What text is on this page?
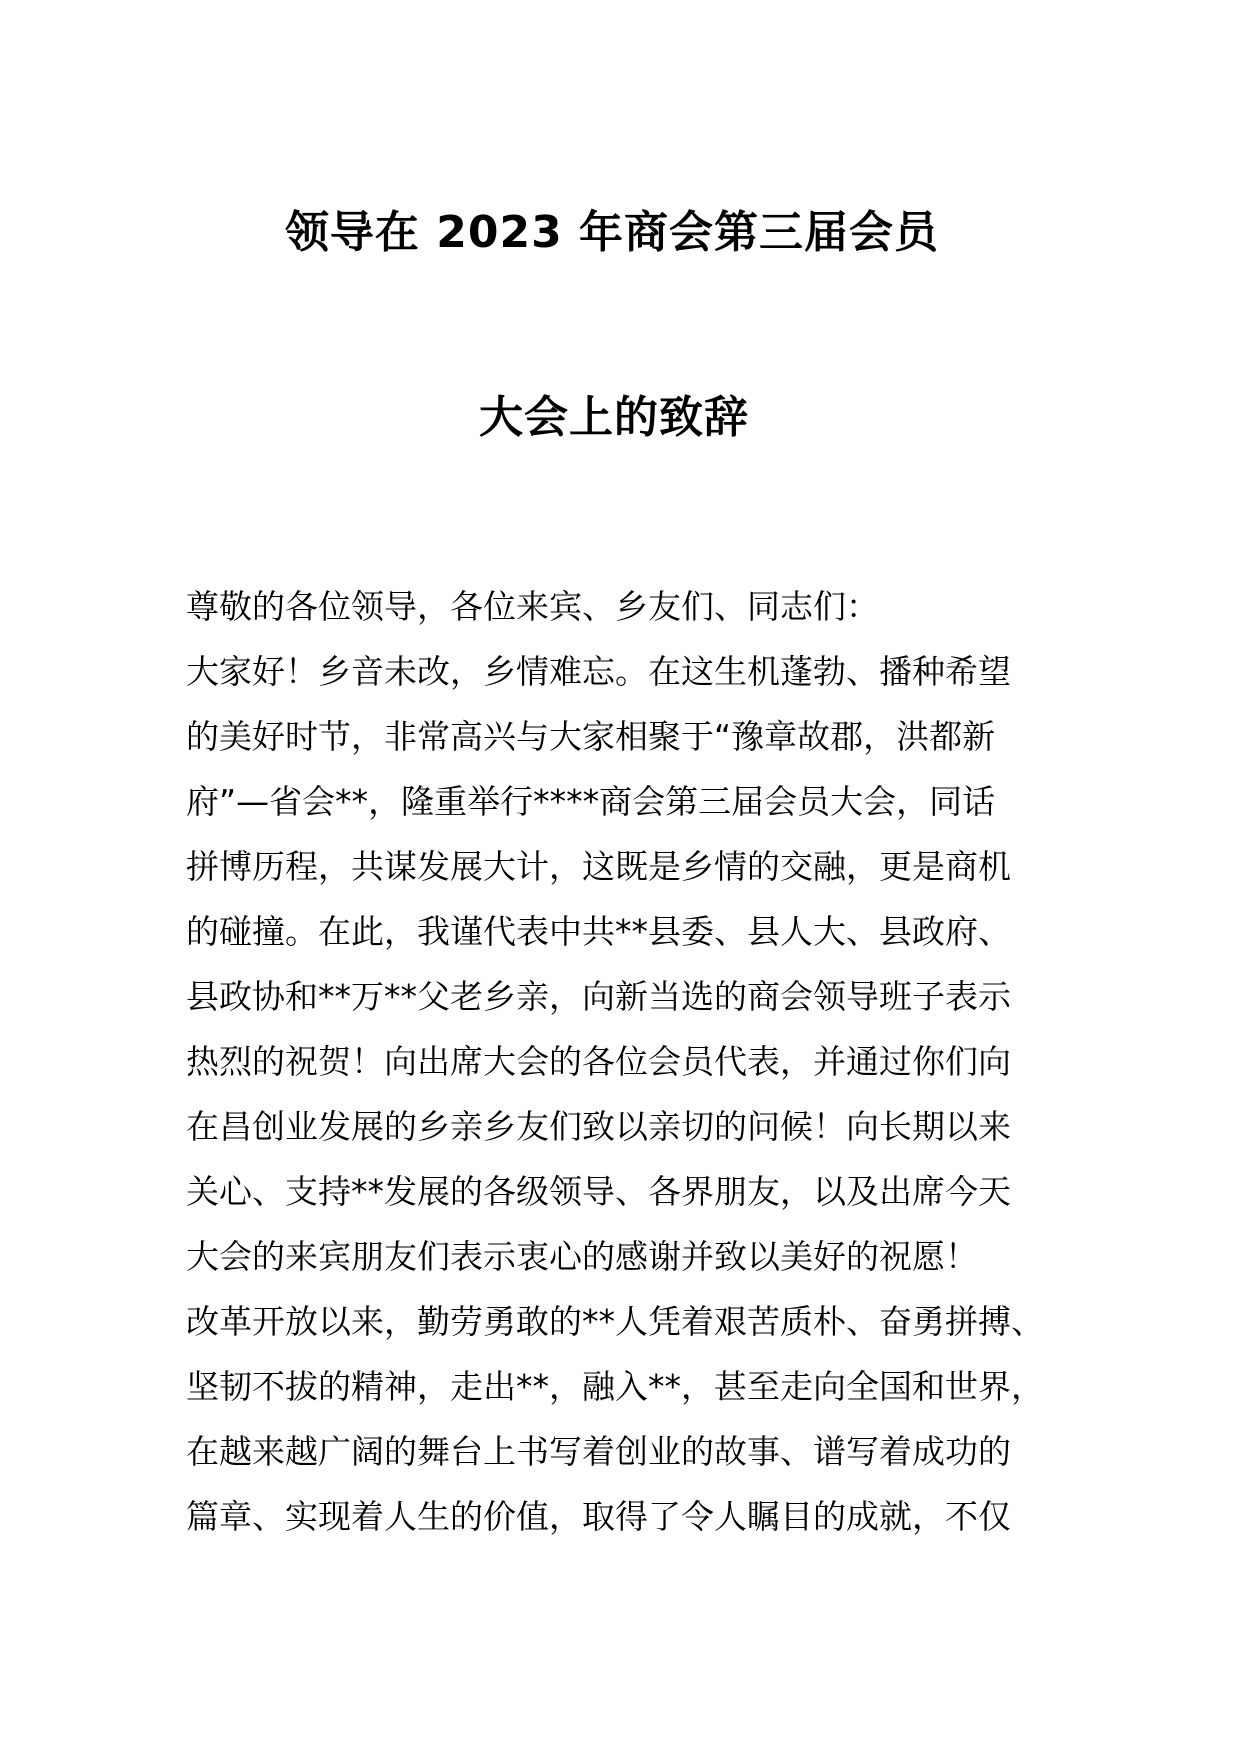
领导在 2023 年商会第三届会员
大会上的致辞
尊敬的各位领导，各位来宾、乡友们、同志们：
大家好！乡音未改，乡情难忘。在这生机蓬勃、播种希望
的美好时节，非常高兴与大家相聚于“豫章故郡，洪都新
府”—省会**，隆重举行****商会第三届会员大会，同话
拼博历程，共谋发展大计，这既是乡情的交融，更是商机
的碰撞。在此，我谨代表中共**县委、县人大、县政府、
县政协和**万**父老乡亲，向新当选的商会领导班子表示
热烈的祝贺！向出席大会的各位会员代表，并通过你们向
在昌创业发展的乡亲乡友们致以亲切的问候！向长期以来
关心、支持**发展的各级领导、各界朋友，以及出席今天
大会的来宾朋友们表示衷心的感谢并致以美好的祝愿！
改革开放以来，勤劳勇敢的**人凭着艰苦质朴、奋勇拼搏、
坚韧不拔的精神，走出**，融入**，甚至走向全国和世界，
在越来越广阔的舞台上书写着创业的故事、谱写着成功的
篇章、实现着人生的价值，取得了令人瞩目的成就，不仅
